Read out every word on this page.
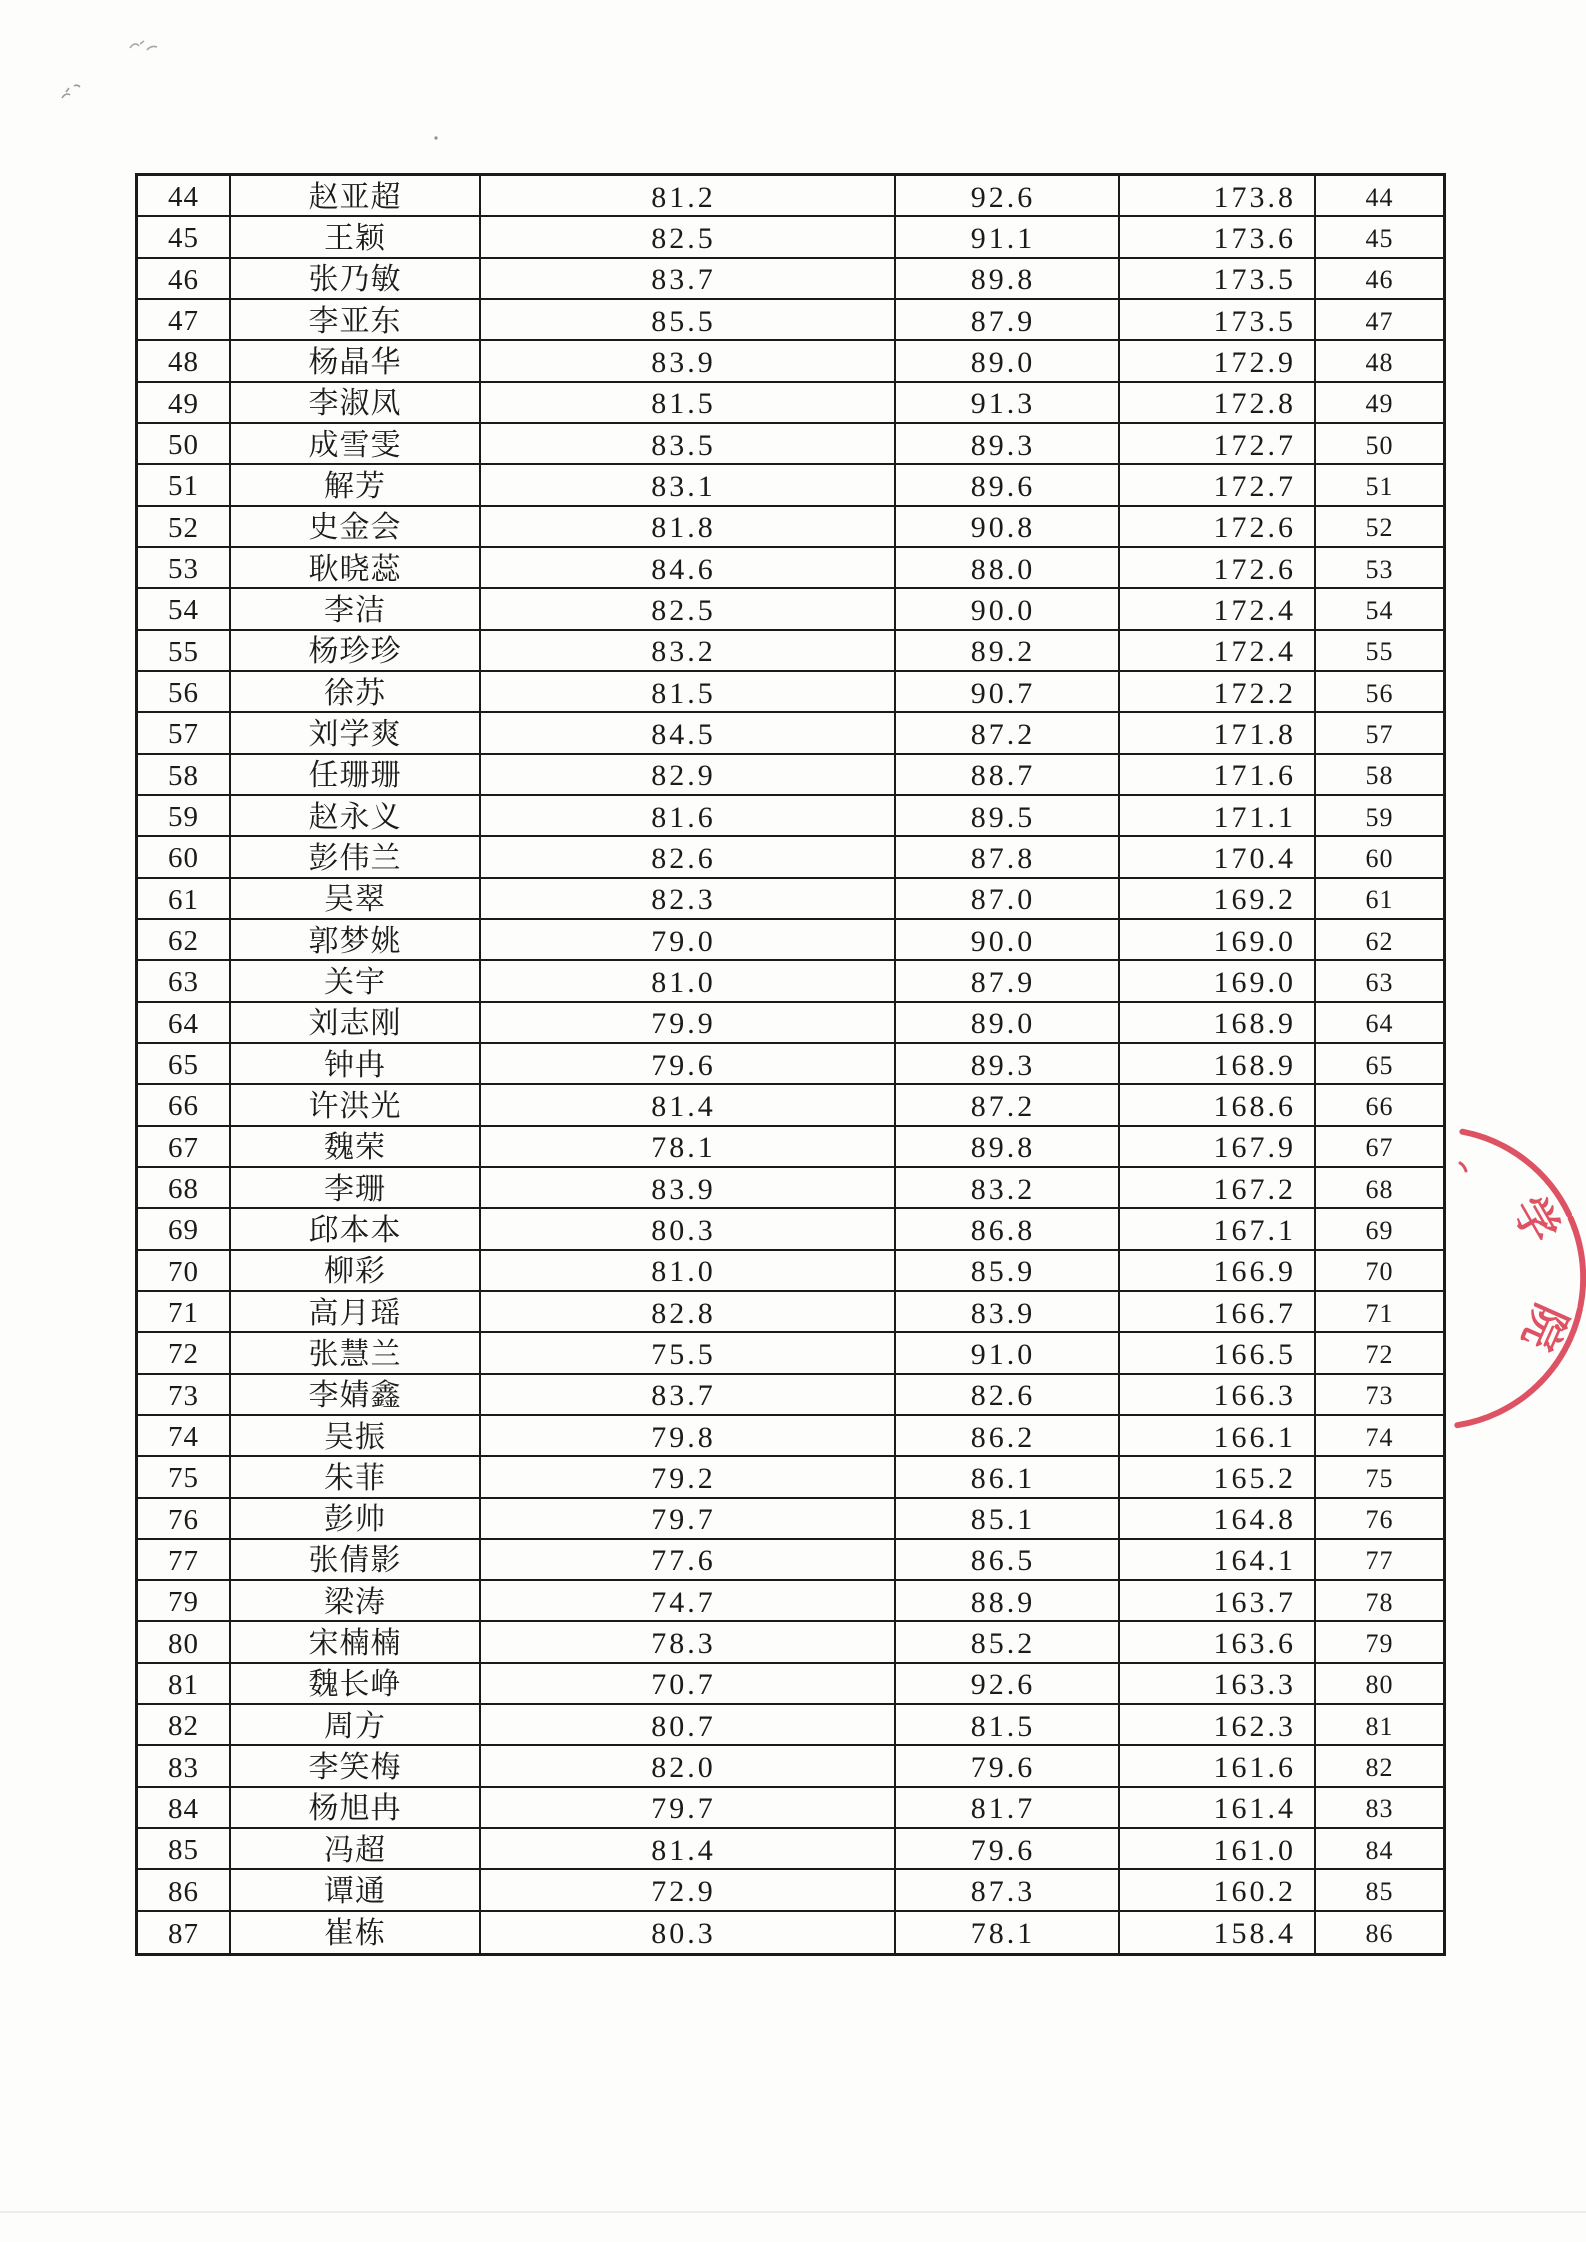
44	赵亚超	81.2	92.6	173.8	44
45	王颖	82.5	91.1	173.6	45
46	张乃敏	83.7	89.8	173.5	46
47	李亚东	85.5	87.9	173.5	47
48	杨晶华	83.9	89.0	172.9	48
49	李淑凤	81.5	91.3	172.8	49
50	成雪雯	83.5	89.3	172.7	50
51	解芳	83.1	89.6	172.7	51
52	史金会	81.8	90.8	172.6	52
53	耿晓蕊	84.6	88.0	172.6	53
54	李洁	82.5	90.0	172.4	54
55	杨珍珍	83.2	89.2	172.4	55
56	徐苏	81.5	90.7	172.2	56
57	刘学爽	84.5	87.2	171.8	57
58	任珊珊	82.9	88.7	171.6	58
59	赵永义	81.6	89.5	171.1	59
60	彭伟兰	82.6	87.8	170.4	60
61	吴翠	82.3	87.0	169.2	61
62	郭梦姚	79.0	90.0	169.0	62
63	关宇	81.0	87.9	169.0	63
64	刘志刚	79.9	89.0	168.9	64
65	钟冉	79.6	89.3	168.9	65
66	许洪光	81.4	87.2	168.6	66
67	魏荣	78.1	89.8	167.9	67
68	李珊	83.9	83.2	167.2	68
69	邱本本	80.3	86.8	167.1	69
70	柳彩	81.0	85.9	166.9	70
71	高月瑶	82.8	83.9	166.7	71
72	张慧兰	75.5	91.0	166.5	72
73	李婧鑫	83.7	82.6	166.3	73
74	吴振	79.8	86.2	166.1	74
75	朱菲	79.2	86.1	165.2	75
76	彭帅	79.7	85.1	164.8	76
77	张倩影	77.6	86.5	164.1	77
79	梁涛	74.7	88.9	163.7	78
80	宋楠楠	78.3	85.2	163.6	79
81	魏长峥	70.7	92.6	163.3	80
82	周方	80.7	81.5	162.3	81
83	李笑梅	82.0	79.6	161.6	82
84	杨旭冉	79.7	81.7	161.4	83
85	冯超	81.4	79.6	161.0	84
86	谭通	72.9	87.3	160.2	85
87	崔栋	80.3	78.1	158.4	86
学
院
